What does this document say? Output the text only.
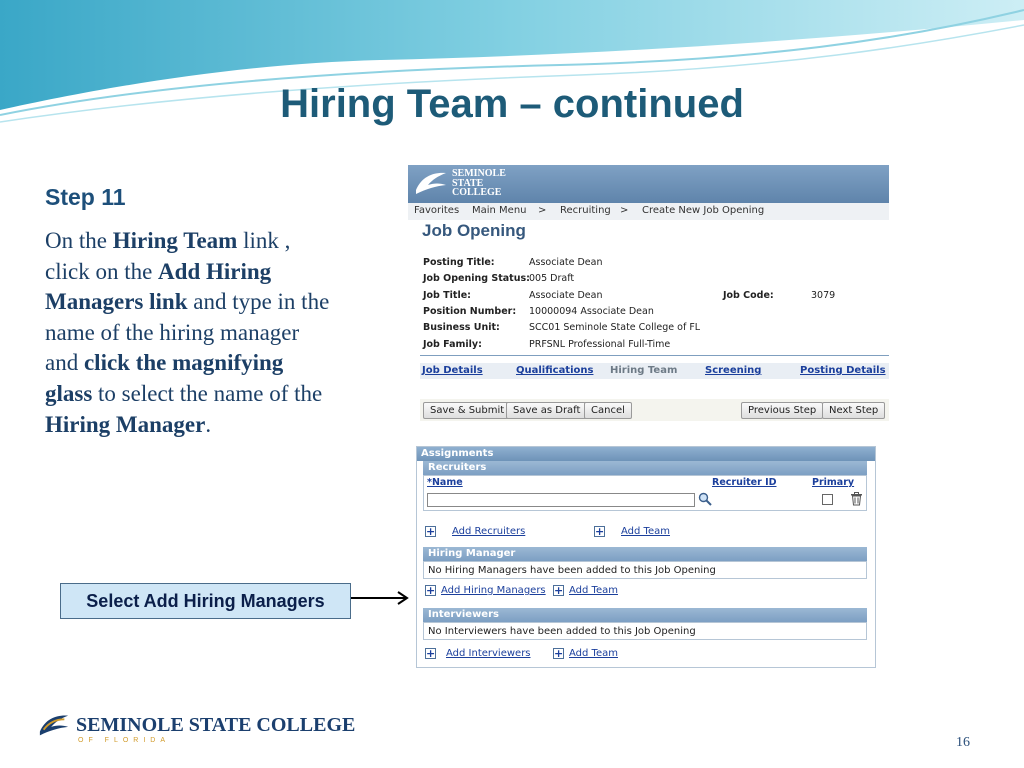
Hiring Team – continued
Step 11
On the Hiring Team link , click on the Add Hiring Managers link and type in the name of the hiring manager and click the magnifying glass to select the name of the Hiring Manager.
Select Add Hiring Managers
SEMINOLE
STATE
COLLEGE
Favorites Main Menu > Recruiting > Create New Job Opening
Job Opening
Posting Title:	Associate Dean
Job Opening Status: 005 Draft
Job Title:	Associate Dean	Job Code:	3079
Position Number: 10000094 Associate Dean
Business Unit:	SCC01 Seminole State College of FL
Job Family:	PRFSNL Professional Full-Time
Job Details	Qualifications Hiring Team	Screening	Posting Details
Save & Submit Save as Draft	Cancel	Previous Step	Next Step
Assignments
Recruiters
*Name	Recruiter ID	Primary
+ Add Recruiters	+ Add Team
Hiring Manager
No Hiring Managers have been added to this Job Opening
+ Add Hiring Managers + Add Team
Interviewers
No Interviewers have been added to this Job Opening
+ Add Interviewers + Add Team
SEMINOLE STATE COLLEGE
OF FLORIDA	16
